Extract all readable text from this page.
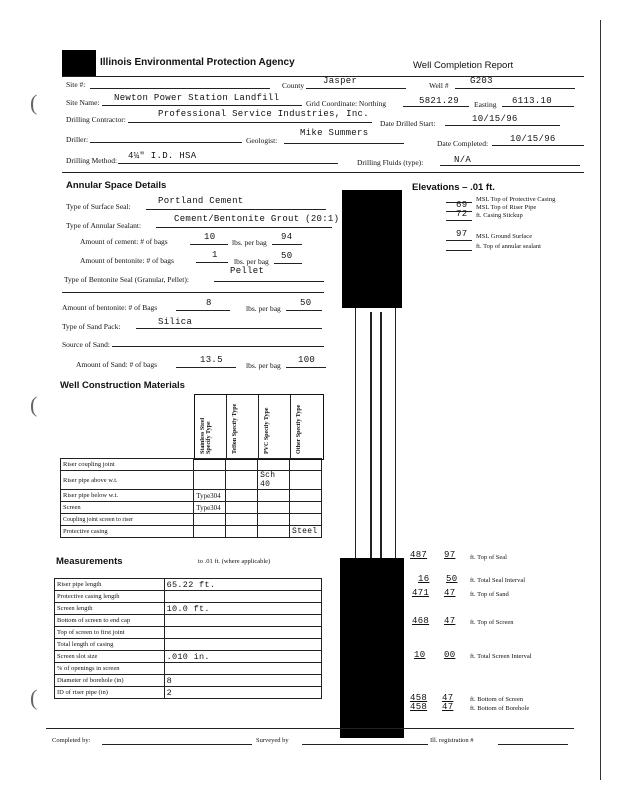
(
(
(
Illinois Environmental Protection Agency	Well Completion Report
Site #:	County Jasper	Well # G203
Site Name: Newton Power Station Landfill
Grid Coordinate: Northing	5821.29 Easting 6113.10
Drilling Contractor:
Professional Service Industries, Inc.
Date Drilled Start:	10/15/96
Driller:	Geologist:
Mike Summers
Date Completed: 10/15/96
Drilling Method: 4¼" I.D. HSA
Drilling Fluids (type):	N/A
Annular Space Details
Type of Surface Seal:
Portland Cement
Type of Annular Sealant:
Cement/Bentonite Grout (20:1)
Amount of cement: # of bags	10
lbs. per bag
94
Amount of bentonite: # of bags
1
lbs. per bag
50
Pellet
Type of Bentonite Seal (Granular, Pellet):
Amount of bentonite: # of Bags	8
lbs. per bag
50
Type of Sand Pack:	Silica
Source of Sand:
Amount of Sand: # of bags	13.5
lbs. per bag
100
Elevations – .01 ft.
MSL Top of Protective Casing
69 MSL Top of Riser Pipe
72 ft. Casing Stickup
97 MSL Ground Surface
ft. Top of annular sealant
Well Construction Materials
Stainless Steel Specify Type	Teflon Specify Type	PVC Specify Type	Other Specify Type
Riser coupling joint				
Riser pipe above w.t.			Sch 40	
Riser pipe below w.t.	Type304			
Screen	Type304			
Coupling joint screen to riser				
Protective casing				Steel
Measurements	to .01 ft. (where applicable)
Riser pipe length	65.22 ft.
Protective casing length	
Screen length	10.0 ft.
Bottom of screen to end cap	
Top of screen to first joint	
Total length of casing	
Screen slot size	.010 in.
% of openings in screen	
Diameter of borehole (in)	8
ID of riser pipe (in)	2
487 97 ft. Top of Seal
16 50 ft. Total Seal Interval
471 47 ft. Top of Sand
468 47 ft. Top of Screen
10 00 ft. Total Screen Interval
458 47	ft. Bottom of Screen
458 47	ft. Bottom of Borehole
Completed by:	Surveyed by	Ill. registration #
